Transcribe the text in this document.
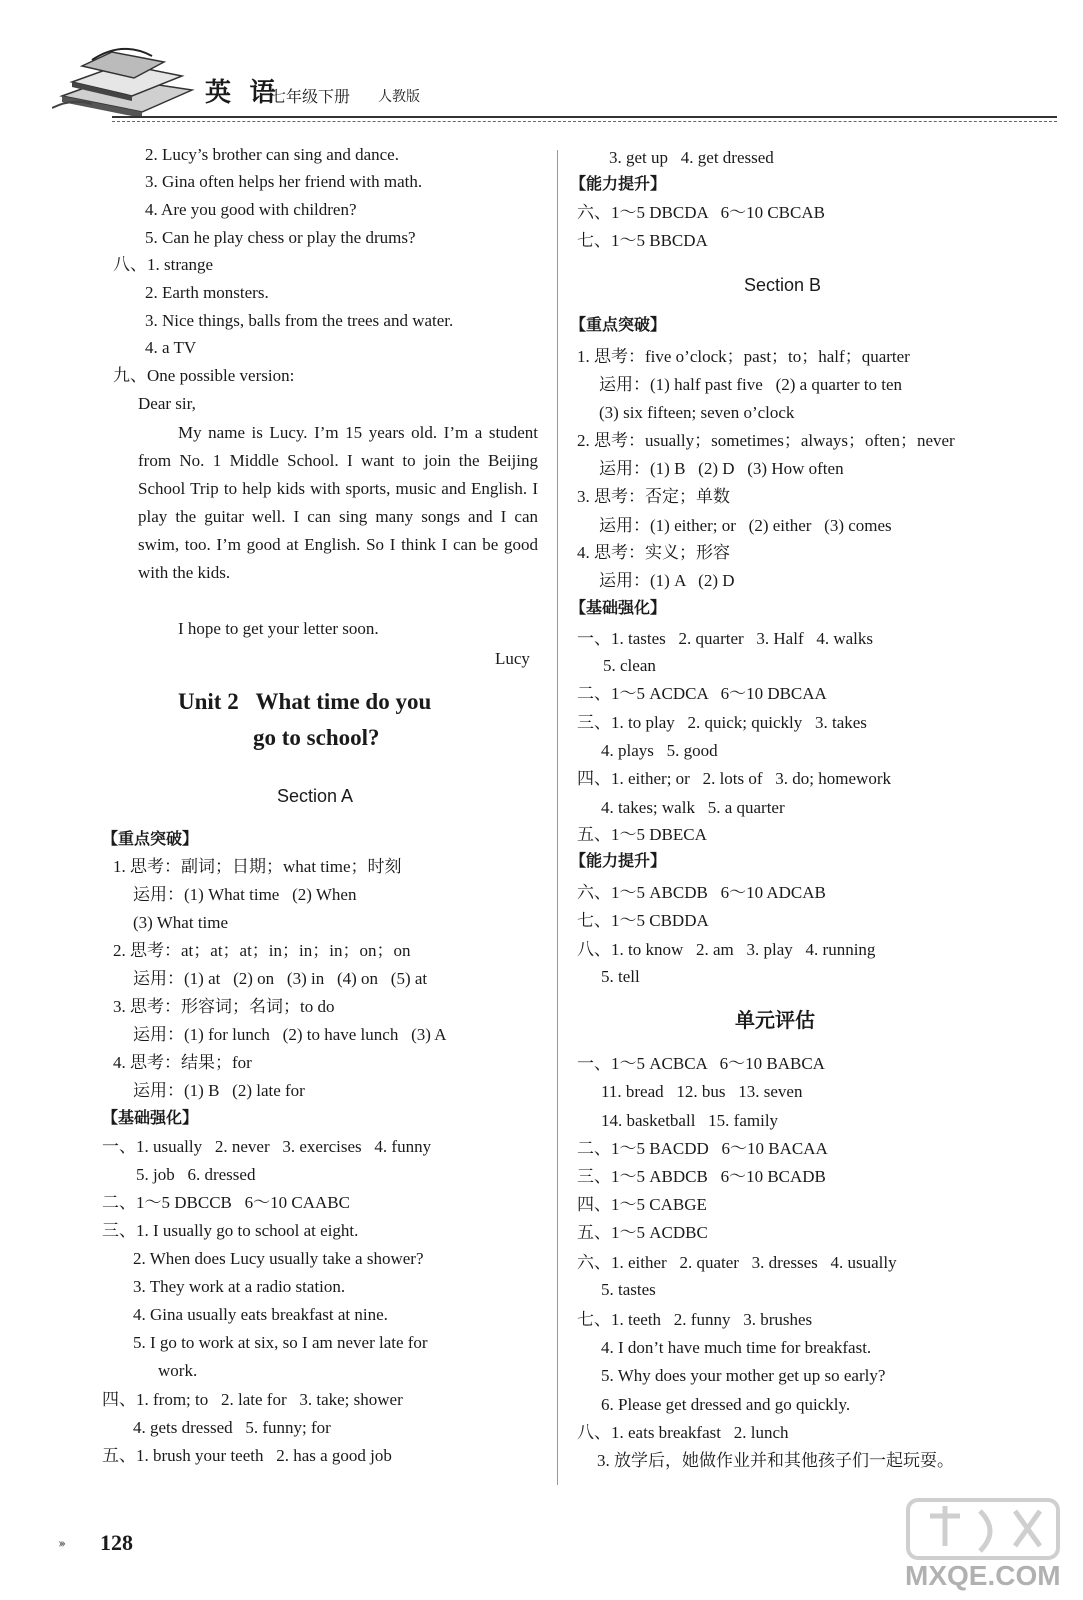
英 语
七年级下册 人教版
2. Lucy’s brother can sing and dance.
3. Gina often helps her friend with math.
4. Are you good with children?
5. Can he play chess or play the drums?
八、1. strange
2. Earth monsters.
3. Nice things, balls from the trees and water.
4. a TV
九、One possible version:
Dear sir,
My name is Lucy. I’m 15 years old. I’m a student from No. 1 Middle School. I want to join the Beijing School Trip to help kids with sports, music and English. I play the guitar well. I can sing many songs and I can swim, too. I’m good at English. So I think I can be good with the kids.
I hope to get your letter soon.
Lucy
Unit 2   What time do you
go to school?
Section A
【重点突破】
1. 思考：副词；日期；what time；时刻
运用：(1) What time   (2) When
(3) What time
2. 思考：at；at；at；in；in；in；on；on
运用：(1) at   (2) on   (3) in   (4) on   (5) at
3. 思考：形容词；名词；to do
运用：(1) for lunch   (2) to have lunch   (3) A
4. 思考：结果；for
运用：(1) B   (2) late for
【基础强化】
一、1. usually   2. never   3. exercises   4. funny
5. job   6. dressed
二、1～5 DBCCB   6～10 CAABC
三、1. I usually go to school at eight.
2. When does Lucy usually take a shower?
3. They work at a radio station.
4. Gina usually eats breakfast at nine.
5. I go to work at six, so I am never late for
work.
四、1. from; to   2. late for   3. take; shower
4. gets dressed   5. funny; for
五、1. brush your teeth   2. has a good job
3. get up   4. get dressed
【能力提升】
六、1～5 DBCDA   6～10 CBCAB
七、1～5 BBCDA
Section B
【重点突破】
1. 思考：five o’clock；past；to；half；quarter
运用：(1) half past five   (2) a quarter to ten
(3) six fifteen; seven o’clock
2. 思考：usually；sometimes；always；often；never
运用：(1) B   (2) D   (3) How often
3. 思考：否定；单数
运用：(1) either; or   (2) either   (3) comes
4. 思考：实义；形容
运用：(1) A   (2) D
【基础强化】
一、1. tastes   2. quarter   3. Half   4. walks
5. clean
二、1～5 ACDCA   6～10 DBCAA
三、1. to play   2. quick; quickly   3. takes
4. plays   5. good
四、1. either; or   2. lots of   3. do; homework
4. takes; walk   5. a quarter
五、1～5 DBECA
【能力提升】
六、1～5 ABCDB   6～10 ADCAB
七、1～5 CBDDA
八、1. to know   2. am   3. play   4. running
5. tell
单元评估
一、1～5 ACBCA   6～10 BABCA
11. bread   12. bus   13. seven
14. basketball   15. family
二、1～5 BACDD   6～10 BACAA
三、1～5 ABDCB   6～10 BCADB
四、1～5 CABGE
五、1～5 ACDBC
六、1. either   2. quater   3. dresses   4. usually
5. tastes
七、1. teeth   2. funny   3. brushes
4. I don’t have much time for breakfast.
5. Why does your mother get up so early?
6. Please get dressed and go quickly.
八、1. eats breakfast   2. lunch
3. 放学后，她做作业并和其他孩子们一起玩耍。
››› 128
MXQE.COM
